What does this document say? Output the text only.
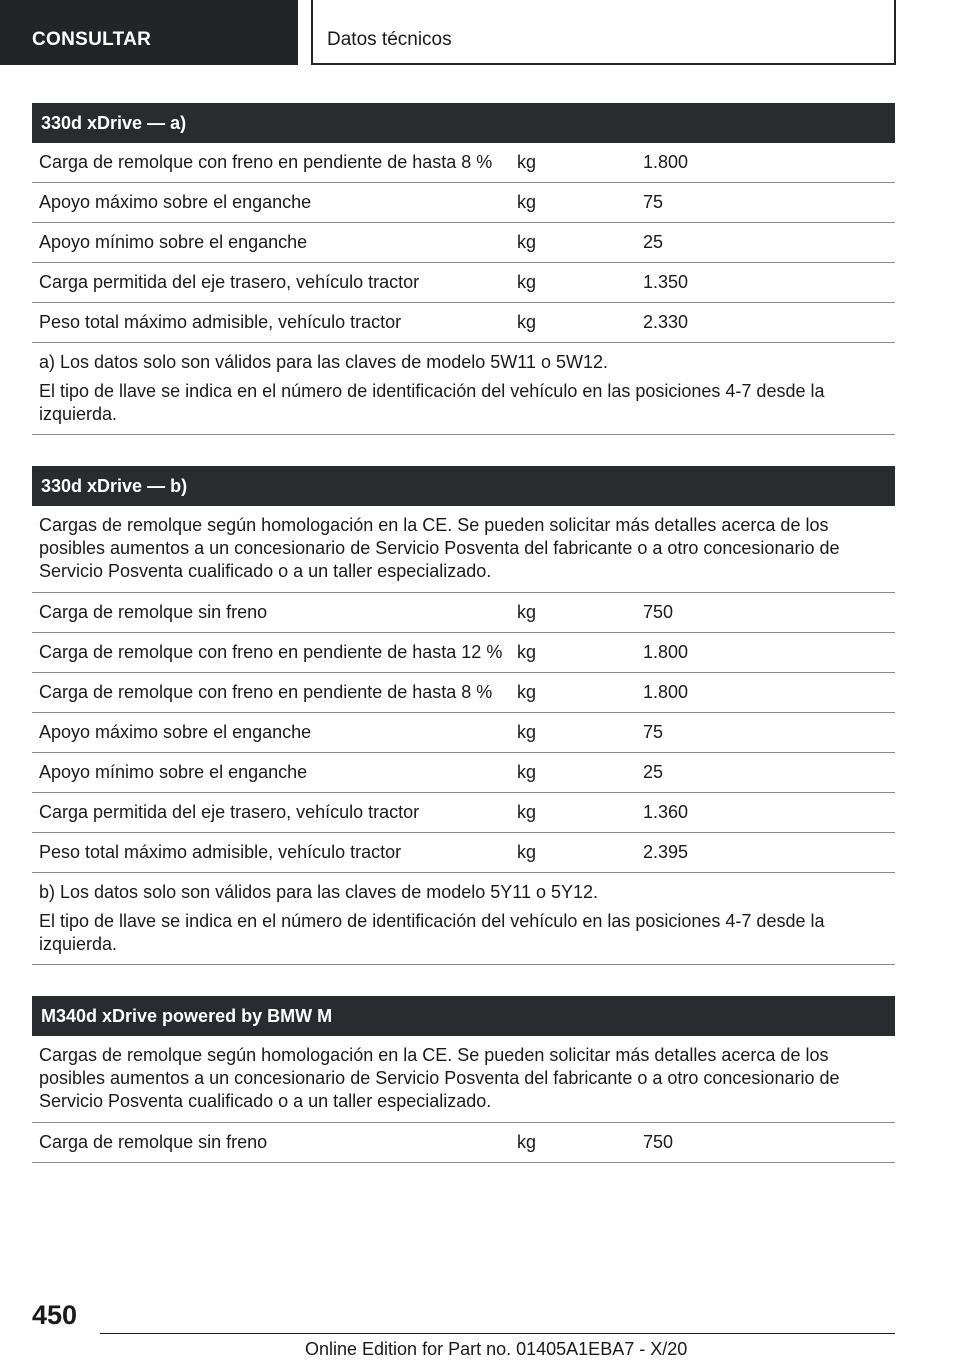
CONSULTAR	Datos técnicos
330d xDrive — a)
Carga de remolque con freno en pendiente de hasta 8 %	kg	1.800
Apoyo máximo sobre el enganche	kg	75
Apoyo mínimo sobre el enganche	kg	25
Carga permitida del eje trasero, vehículo tractor	kg	1.350
Peso total máximo admisible, vehículo tractor	kg	2.330

a) Los datos solo son válidos para las claves de modelo 5W11 o 5W12.

El tipo de llave se indica en el número de identificación del vehículo en las posiciones 4-7 desde la izquierda.

330d xDrive — b)
Cargas de remolque según homologación en la CE. Se pueden solicitar más detalles acerca de los posibles aumentos a un concesionario de Servicio Posventa del fabricante o a otro concesionario de Servicio Posventa cualificado o a un taller especializado.
Carga de remolque sin freno	kg	750
Carga de remolque con freno en pendiente de hasta 12 % kg	1.800
Carga de remolque con freno en pendiente de hasta 8 %	kg	1.800
Apoyo máximo sobre el enganche	kg	75
Apoyo mínimo sobre el enganche	kg	25
Carga permitida del eje trasero, vehículo tractor	kg	1.360
Peso total máximo admisible, vehículo tractor	kg	2.395

b) Los datos solo son válidos para las claves de modelo 5Y11 o 5Y12.

El tipo de llave se indica en el número de identificación del vehículo en las posiciones 4-7 desde la izquierda.

M340d xDrive powered by BMW M
Cargas de remolque según homologación en la CE. Se pueden solicitar más detalles acerca de los posibles aumentos a un concesionario de Servicio Posventa del fabricante o a otro concesionario de Servicio Posventa cualificado o a un taller especializado.
Carga de remolque sin freno	kg	750
450
Online Edition for Part no. 01405A1EBA7 - X/20
